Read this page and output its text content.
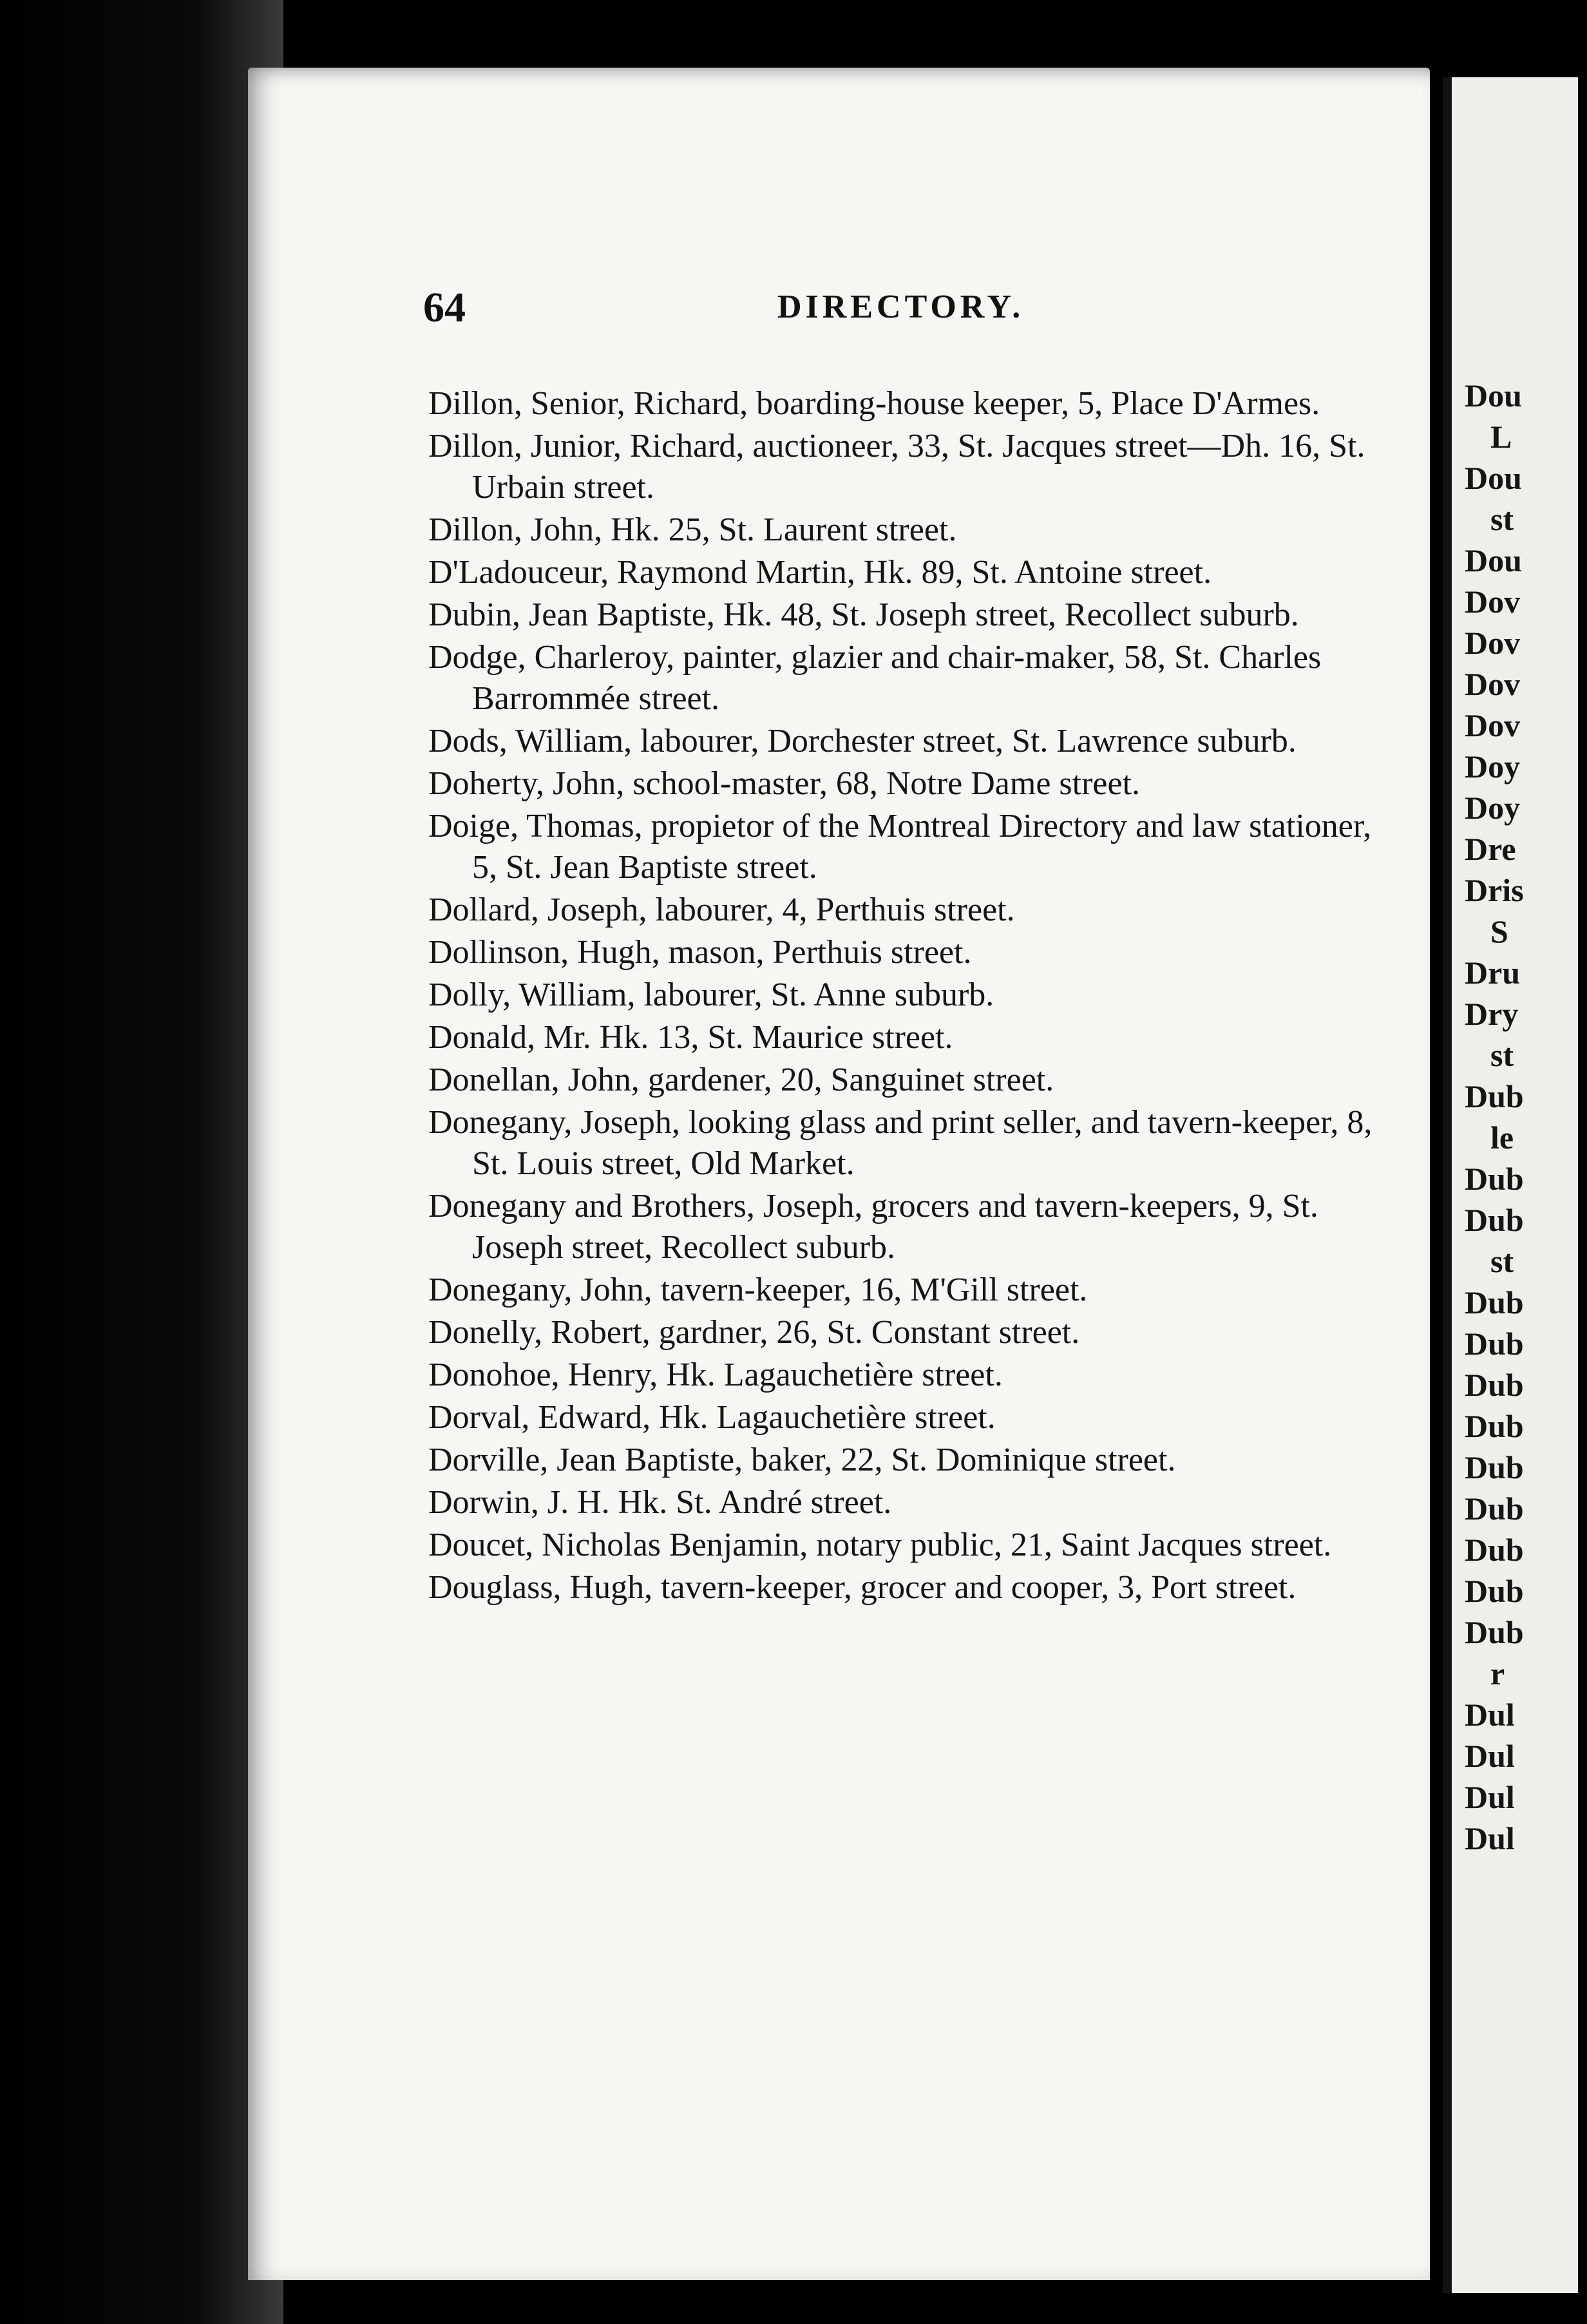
64	DIRECTORY.
Dillon, Senior, Richard, boarding-house keeper, 5, Place D'Armes.
Dillon, Junior, Richard, auctioneer, 33, St. Jacques street—Dh. 16, St. Urbain street.
Dillon, John, Hk. 25, St. Laurent street.
D'Ladouceur, Raymond Martin, Hk. 89, St. Antoine street.
Dubin, Jean Baptiste, Hk. 48, St. Joseph street, Recollect suburb.
Dodge, Charleroy, painter, glazier and chair-maker, 58, St. Charles Barrommée street.
Dods, William, labourer, Dorchester street, St. Lawrence suburb.
Doherty, John, school-master, 68, Notre Dame street.
Doige, Thomas, propietor of the Montreal Directory and law stationer, 5, St. Jean Baptiste street.
Dollard, Joseph, labourer, 4, Perthuis street.
Dollinson, Hugh, mason, Perthuis street.
Dolly, William, labourer, St. Anne suburb.
Donald, Mr. Hk. 13, St. Maurice street.
Donellan, John, gardener, 20, Sanguinet street.
Donegany, Joseph, looking glass and print seller, and tavern-keeper, 8, St. Louis street, Old Market.
Donegany and Brothers, Joseph, grocers and tavern-keepers, 9, St. Joseph street, Recollect suburb.
Donegany, John, tavern-keeper, 16, M'Gill street.
Donelly, Robert, gardner, 26, St. Constant street.
Donohoe, Henry, Hk. Lagauchetière street.
Dorval, Edward, Hk. Lagauchetière street.
Dorville, Jean Baptiste, baker, 22, St. Dominique street.
Dorwin, J. H. Hk. St. André street.
Doucet, Nicholas Benjamin, notary public, 21, Saint Jacques street.
Douglass, Hugh, tavern-keeper, grocer and cooper, 3, Port street.
Dou
L
Dou
st
Dou
Dov
Dov
Dov
Dov
Doy
Doy
Dre
Dris
S
Dru
Dry
st
Dub
le
Dub
Dub
st
Dub
Dub
Dub
Dub
Dub
Dub
Dub
Dub
Dub
r
Dul
Dul
Dul
Dul
